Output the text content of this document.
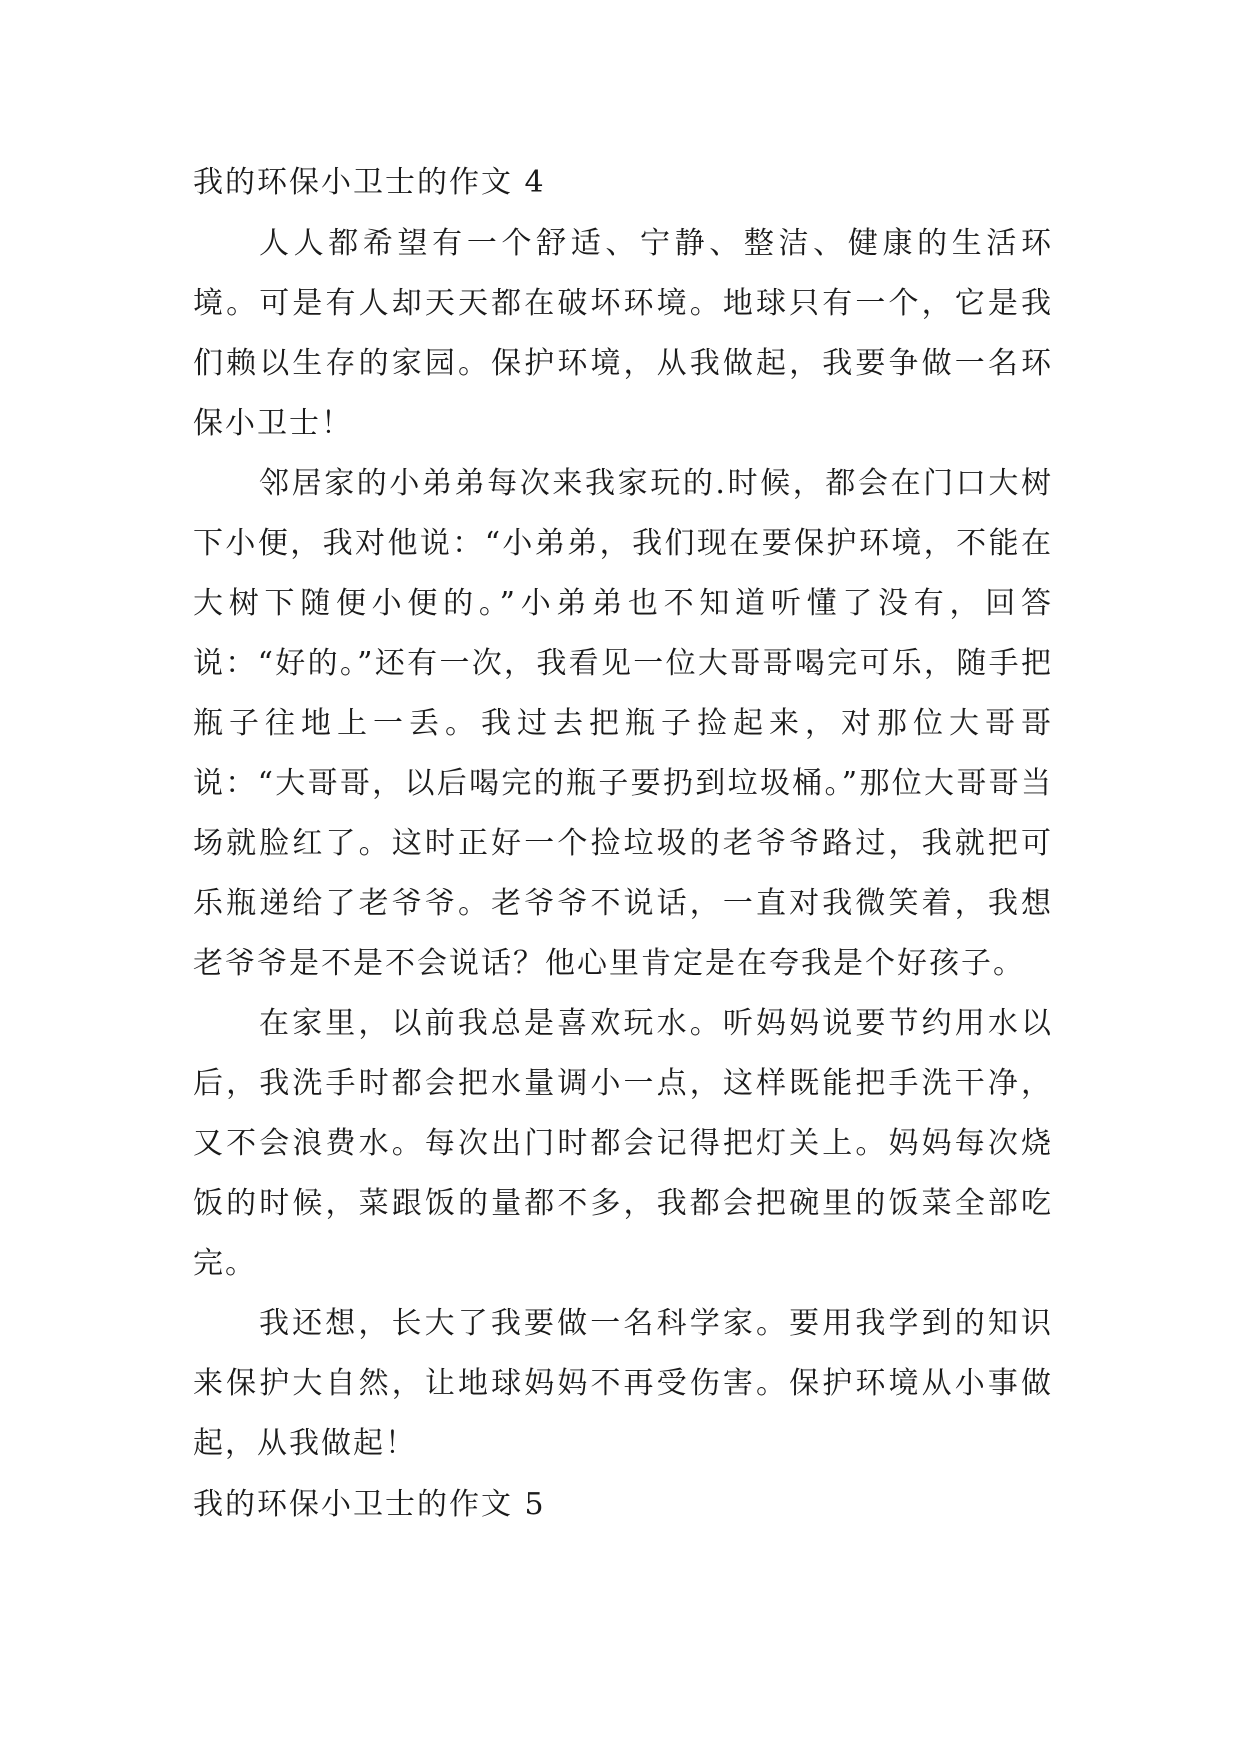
我的环保小卫士的作文 4

人人都希望有一个舒适、宁静、整洁、健康的生活环境。可是有人却天天都在破坏环境。地球只有一个，它是我们赖以生存的家园。保护环境，从我做起，我要争做一名环保小卫士！

邻居家的小弟弟每次来我家玩的.时候，都会在门口大树下小便，我对他说：“小弟弟，我们现在要保护环境，不能在大树下随便小便的。”小弟弟也不知道听懂了没有，回答说：“好的。”还有一次，我看见一位大哥哥喝完可乐，随手把瓶子往地上一丢。我过去把瓶子捡起来，对那位大哥哥说：“大哥哥，以后喝完的瓶子要扔到垃圾桶。”那位大哥哥当场就脸红了。这时正好一个捡垃圾的老爷爷路过，我就把可乐瓶递给了老爷爷。老爷爷不说话，一直对我微笑着，我想老爷爷是不是不会说话？他心里肯定是在夸我是个好孩子。

在家里，以前我总是喜欢玩水。听妈妈说要节约用水以后，我洗手时都会把水量调小一点，这样既能把手洗干净，又不会浪费水。每次出门时都会记得把灯关上。妈妈每次烧饭的时候，菜跟饭的量都不多，我都会把碗里的饭菜全部吃完。

我还想，长大了我要做一名科学家。要用我学到的知识来保护大自然，让地球妈妈不再受伤害。保护环境从小事做起，从我做起！

我的环保小卫士的作文 5
